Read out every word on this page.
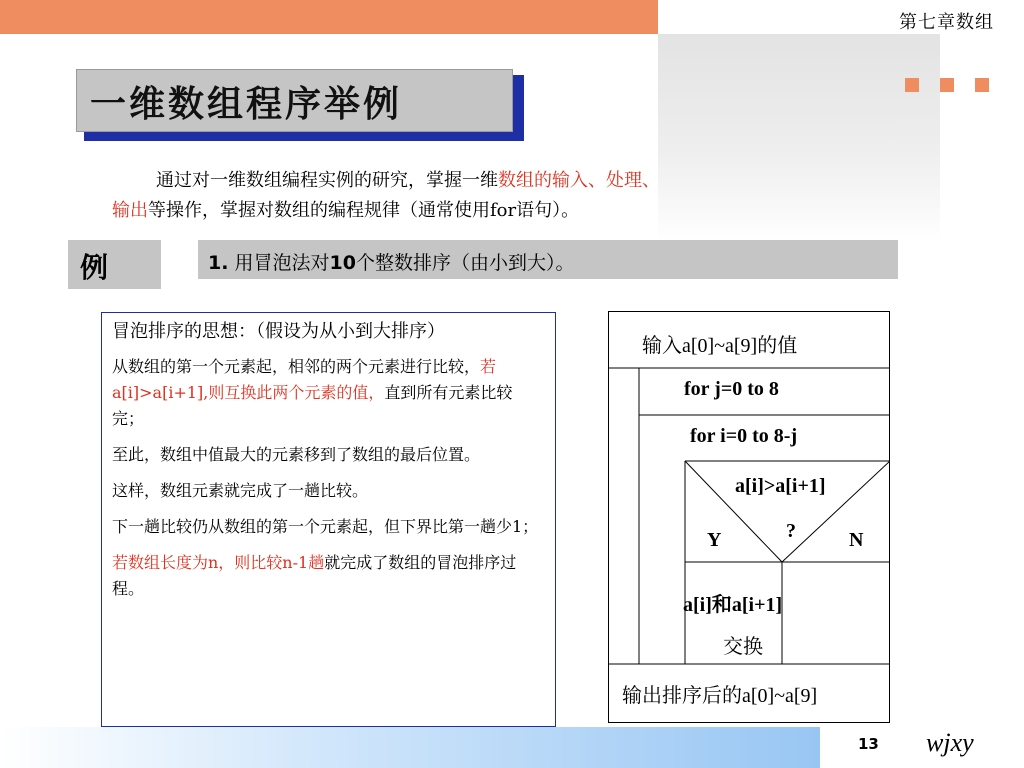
第七章数组
一维数组程序举例
通过对一维数组编程实例的研究，掌握一维数组的输入、处理、
输出等操作，掌握对数组的编程规律（通常使用for语句）。
例	1. 用冒泡法对10个整数排序（由小到大）。

冒泡排序的思想：（假设为从小到大排序）

从数组的第一个元素起，相邻的两个元素进行比较，若a[i]>a[i+1],则互换此两个元素的值，直到所有元素比较完；

至此，数组中值最大的元素移到了数组的最后位置。

这样，数组元素就完成了一趟比较。

下一趟比较仍从数组的第一个元素起，但下界比第一趟少1；

若数组长度为n，则比较n-1趟就完成了数组的冒泡排序过程。

输入a[0]~a[9]的值
for j=0 to 8
for i=0 to 8-j
a[i]>a[i+1]
?
Y	N
a[i]和a[i+1]
交换
输出排序后的a[0]~a[9]
13 wjxy
